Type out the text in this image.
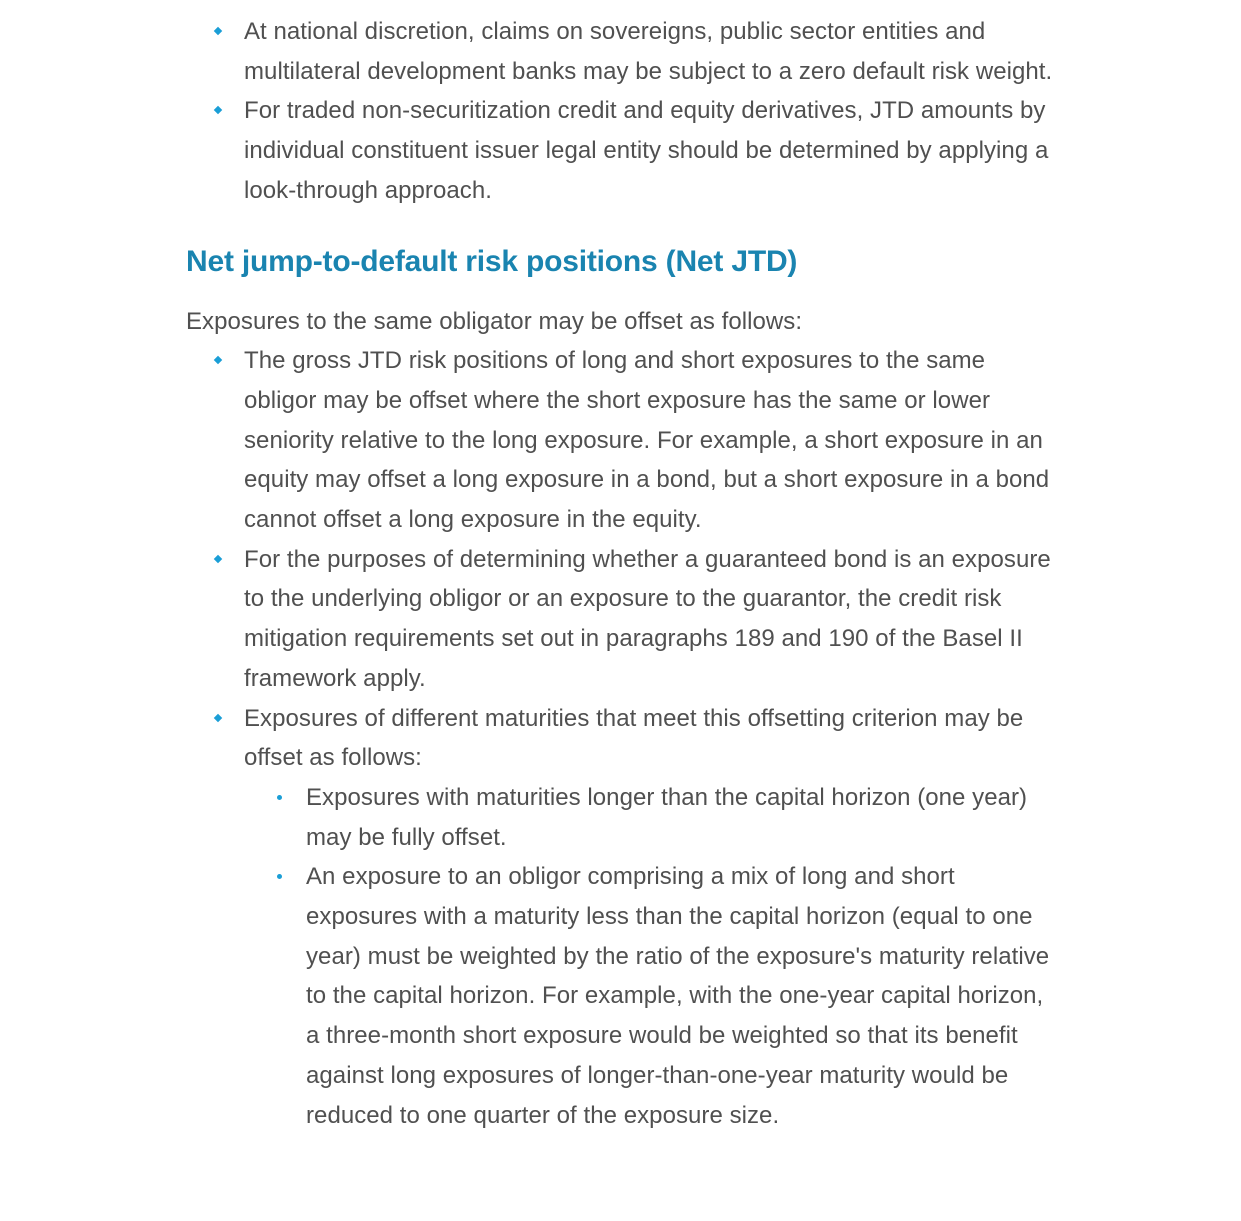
At national discretion, claims on sovereigns, public sector entities and multilateral development banks may be subject to a zero default risk weight.
For traded non-securitization credit and equity derivatives, JTD amounts by individual constituent issuer legal entity should be determined by applying a look-through approach.
Net jump-to-default risk positions (Net JTD)

Exposures to the same obligator may be offset as follows:

The gross JTD risk positions of long and short exposures to the same obligor may be offset where the short exposure has the same or lower seniority relative to the long exposure. For example, a short exposure in an equity may offset a long exposure in a bond, but a short exposure in a bond cannot offset a long exposure in the equity.
For the purposes of determining whether a guaranteed bond is an exposure to the underlying obligor or an exposure to the guarantor, the credit risk mitigation requirements set out in paragraphs 189 and 190 of the Basel II framework apply.
Exposures of different maturities that meet this offsetting criterion may be offset as follows:
Exposures with maturities longer than the capital horizon (one year) may be fully offset.
An exposure to an obligor comprising a mix of long and short exposures with a maturity less than the capital horizon (equal to one year) must be weighted by the ratio of the exposure's maturity relative to the capital horizon. For example, with the one-year capital horizon, a three-month short exposure would be weighted so that its benefit against long exposures of longer-than-one-year maturity would be reduced to one quarter of the exposure size.
